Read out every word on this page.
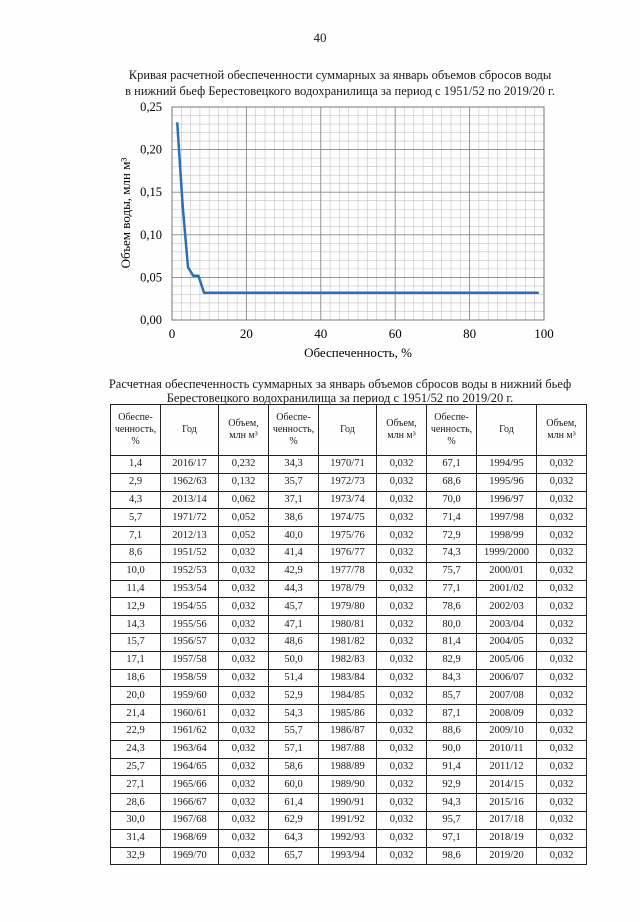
40
Кривая расчетной обеспеченности суммарных за январь объемов сбросов воды
в нижний бьеф Берестовецкого водохранилища за период с 1951/52 по 2019/20 г.
0	20	40	60	80	100
0,00
0,05
0,10
0,15
0,20
0,25
Обеспеченность, %
Объем воды, млн м³
Расчетная обеспеченность суммарных за январь объемов сбросов воды в нижний бьеф
Берестовецкого водохранилища за период с 1951/52 по 2019/20 г.
Обеспе-ченность, %	Год	Объем, млн м³	Обеспе-ченность, %	Год	Объем, млн м³	Обеспе-ченность, %	Год	Объем, млн м³
1,4	2016/17	0,232	34,3	1970/71	0,032	67,1	1994/95	0,032
2,9	1962/63	0,132	35,7	1972/73	0,032	68,6	1995/96	0,032
4,3	2013/14	0,062	37,1	1973/74	0,032	70,0	1996/97	0,032
5,7	1971/72	0,052	38,6	1974/75	0,032	71,4	1997/98	0,032
7,1	2012/13	0,052	40,0	1975/76	0,032	72,9	1998/99	0,032
8,6	1951/52	0,032	41,4	1976/77	0,032	74,3	1999/2000	0,032
10,0	1952/53	0,032	42,9	1977/78	0,032	75,7	2000/01	0,032
11,4	1953/54	0,032	44,3	1978/79	0,032	77,1	2001/02	0,032
12,9	1954/55	0,032	45,7	1979/80	0,032	78,6	2002/03	0,032
14,3	1955/56	0,032	47,1	1980/81	0,032	80,0	2003/04	0,032
15,7	1956/57	0,032	48,6	1981/82	0,032	81,4	2004/05	0,032
17,1	1957/58	0,032	50,0	1982/83	0,032	82,9	2005/06	0,032
18,6	1958/59	0,032	51,4	1983/84	0,032	84,3	2006/07	0,032
20,0	1959/60	0,032	52,9	1984/85	0,032	85,7	2007/08	0,032
21,4	1960/61	0,032	54,3	1985/86	0,032	87,1	2008/09	0,032
22,9	1961/62	0,032	55,7	1986/87	0,032	88,6	2009/10	0,032
24,3	1963/64	0,032	57,1	1987/88	0,032	90,0	2010/11	0,032
25,7	1964/65	0,032	58,6	1988/89	0,032	91,4	2011/12	0,032
27,1	1965/66	0,032	60,0	1989/90	0,032	92,9	2014/15	0,032
28,6	1966/67	0,032	61,4	1990/91	0,032	94,3	2015/16	0,032
30,0	1967/68	0,032	62,9	1991/92	0,032	95,7	2017/18	0,032
31,4	1968/69	0,032	64,3	1992/93	0,032	97,1	2018/19	0,032
32,9	1969/70	0,032	65,7	1993/94	0,032	98,6	2019/20	0,032
